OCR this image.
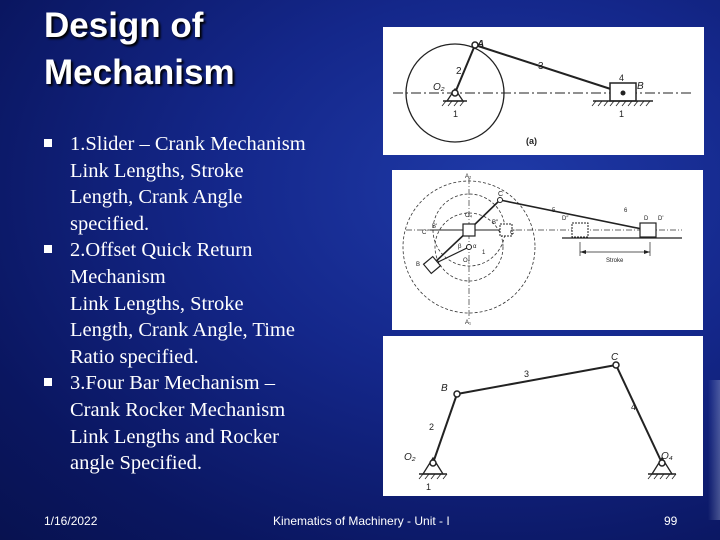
Design of
Mechanism
1.Slider – Crank Mechanism
Link Lengths, Stroke
Length, Crank Angle
specified.
2.Offset Quick Return
Mechanism
Link Lengths, Stroke
Length, Crank Angle, Time
Ratio specified.
3.Four Bar Mechanism –
Crank Rocker Mechanism
Link Lengths and Rocker
angle Specified.
A
2	3
4
B
O₂
1	1
(a)
A₂
A₁
C
C'
C″
O₄
O₂
B
B'
B″
β α
1
5	6
D D'
D″
Stroke
B
C
O₂	O₄
2
3
4
1
1/16/2022	Kinematics of Machinery - Unit - I	99
